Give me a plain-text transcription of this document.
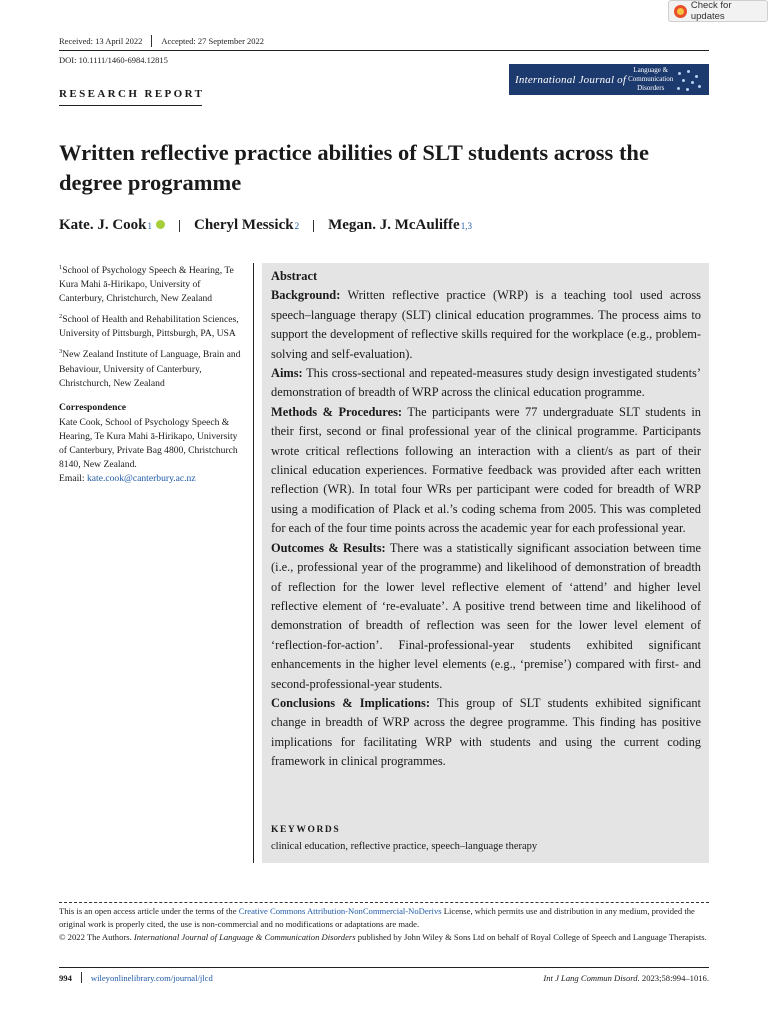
Check for updates
Received: 13 April 2022 Accepted: 27 September 2022
DOI: 10.1111/1460-6984.12815
International Journal of
Language &
Communication
Disorders
RESEARCH REPORT
Written reflective practice abilities of SLT students across the degree programme
Kate. J. Cook 1	Cheryl Messick 2 Megan. J. McAuliffe 1,3

$^1$School of Psychology Speech & Hearing, Te Kura Mahi ā-Hirikapo, University of Canterbury, Christchurch, New Zealand

$^2$School of Health and Rehabilitation Sciences, University of Pittsburgh, Pittsburgh, PA, USA

$^3$New Zealand Institute of Language, Brain and Behaviour, University of Canterbury, Christchurch, New Zealand

Correspondence

Kate Cook, School of Psychology Speech & Hearing, Te Kura Mahi ā-Hirikapo, University of Canterbury, Private Bag 4800, Christchurch 8140, New Zealand.
Email: kate.cook@canterbury.ac.nz

Abstract

Background: Written reflective practice (WRP) is a teaching tool used across speech–language therapy (SLT) clinical education programmes. The process aims to support the development of reflective skills required for the workplace (e.g., problem-solving and self-evaluation).

Aims: This cross-sectional and repeated-measures study design investigated students’ demonstration of breadth of WRP across the clinical education programme.

Methods & Procedures: The participants were 77 undergraduate SLT students in their first, second or final professional year of the clinical programme. Participants wrote critical reflections following an interaction with a client/s as part of their clinical education experiences. Formative feedback was provided after each written reflection (WR). In total four WRs per participant were coded for breadth of WRP using a modification of Plack et al.’s coding schema from 2005. This was completed for each of the four time points across the academic year for each professional year.

Outcomes & Results: There was a statistically significant association between time (i.e., professional year of the programme) and likelihood of demonstration of breadth of reflection for the lower level reflective element of ‘attend’ and higher level reflective element of ‘re-evaluate’. A positive trend between time and likelihood of demonstration of breadth of reflection was seen for the lower level element of ‘reflection-for-action’. Final-professional-year students exhibited significant enhancements in the higher level elements (e.g., ‘premise’) compared with first- and second-professional-year students.

Conclusions & Implications: This group of SLT students exhibited significant change in breadth of WRP across the degree programme. This finding has positive implications for facilitating WRP with students and using the current coding framework in clinical programmes.

KEYWORDS
clinical education, reflective practice, speech–language therapy

This is an open access article under the terms of the Creative Commons Attribution-NonCommercial-NoDerivs License, which permits use and distribution in any medium, provided the original work is properly cited, the use is non-commercial and no modifications or adaptations are made.

© 2022 The Authors. International Journal of Language & Communication Disorders published by John Wiley & Sons Ltd on behalf of Royal College of Speech and Language Therapists.

994 wileyonlinelibrary.com/journal/jlcd	Int J Lang Commun Disord. 2023;58:994–1016.
